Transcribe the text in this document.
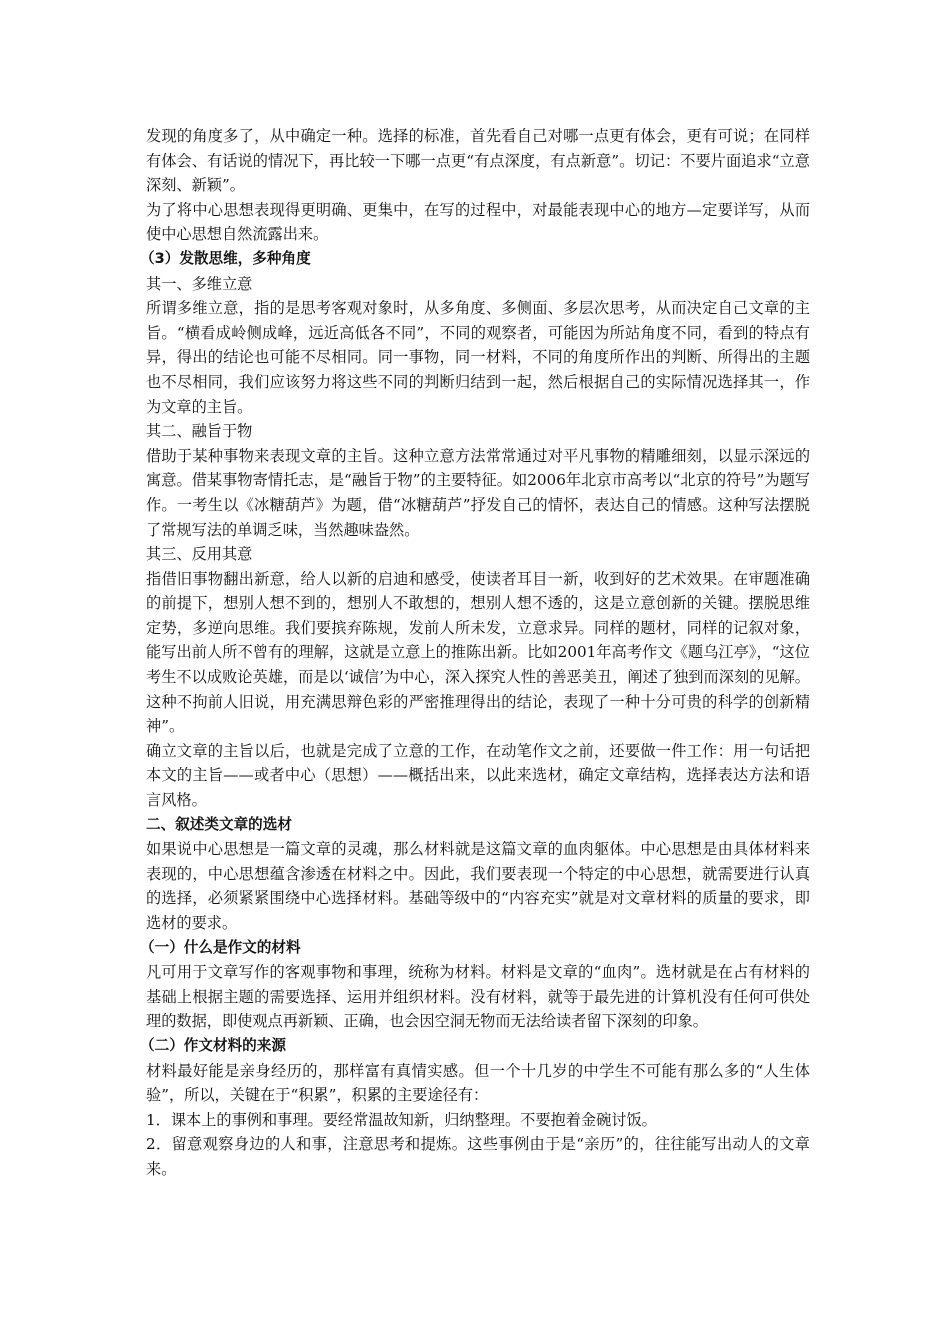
发现的角度多了，从中确定一种。选择的标准，首先看自己对哪一点更有体会，更有可说；在同样有体会、有话说的情况下，再比较一下哪一点更“有点深度，有点新意”。切记：不要片面追求“立意深刻、新颖”。

为了将中心思想表现得更明确、更集中，在写的过程中，对最能表现中心的地方—定要详写，从而使中心思想自然流露出来。

（3）发散思维，多种角度

其一、多维立意

所谓多维立意，指的是思考客观对象时，从多角度、多侧面、多层次思考，从而决定自己文章的主旨。“横看成岭侧成峰，远近高低各不同”，不同的观察者，可能因为所站角度不同，看到的特点有异，得出的结论也可能不尽相同。同一事物，同一材料，不同的角度所作出的判断、所得出的主题也不尽相同，我们应该努力将这些不同的判断归结到一起，然后根据自己的实际情况选择其一，作为文章的主旨。

其二、融旨于物

借助于某种事物来表现文章的主旨。这种立意方法常常通过对平凡事物的精雕细刻，以显示深远的寓意。借某事物寄情托志，是“融旨于物”的主要特征。如2006年北京市高考以“北京的符号”为题写作。一考生以《冰糖葫芦》为题，借“冰糖葫芦”抒发自己的情怀，表达自己的情感。这种写法摆脱了常规写法的单调乏味，当然趣味盎然。

其三、反用其意

指借旧事物翻出新意，给人以新的启迪和感受，使读者耳目一新，收到好的艺术效果。在审题准确的前提下，想别人想不到的，想别人不敢想的，想别人想不透的，这是立意创新的关键。摆脱思维定势，多逆向思维。我们要摈弃陈规，发前人所未发，立意求异。同样的题材，同样的记叙对象，能写出前人所不曾有的理解，这就是立意上的推陈出新。比如2001年高考作文《题乌江亭》，“这位考生不以成败论英雄，而是以‘诚信’为中心，深入探究人性的善恶美丑，阐述了独到而深刻的见解。这种不拘前人旧说，用充满思辩色彩的严密推理得出的结论，表现了一种十分可贵的科学的创新精神”。

确立文章的主旨以后，也就是完成了立意的工作，在动笔作文之前，还要做一件工作：用一句话把本文的主旨——或者中心（思想）——概括出来，以此来选材，确定文章结构，选择表达方法和语言风格。

二、叙述类文章的选材

如果说中心思想是一篇文章的灵魂，那么材料就是这篇文章的血肉躯体。中心思想是由具体材料来表现的，中心思想蕴含渗透在材料之中。因此，我们要表现一个特定的中心思想，就需要进行认真的选择，必须紧紧围绕中心选择材料。基础等级中的“内容充实”就是对文章材料的质量的要求，即选材的要求。

（一）什么是作文的材料

凡可用于文章写作的客观事物和事理，统称为材料。材料是文章的“血肉”。选材就是在占有材料的基础上根据主题的需要选择、运用并组织材料。没有材料，就等于最先进的计算机没有任何可供处理的数据，即使观点再新颖、正确，也会因空洞无物而无法给读者留下深刻的印象。

（二）作文材料的来源

材料最好能是亲身经历的，那样富有真情实感。但一个十几岁的中学生不可能有那么多的“人生体验”，所以，关键在于“积累”，积累的主要途径有：

1．课本上的事例和事理。要经常温故知新，归纳整理。不要抱着金碗讨饭。

2．留意观察身边的人和事，注意思考和提炼。这些事例由于是“亲历”的，往往能写出动人的文章来。
